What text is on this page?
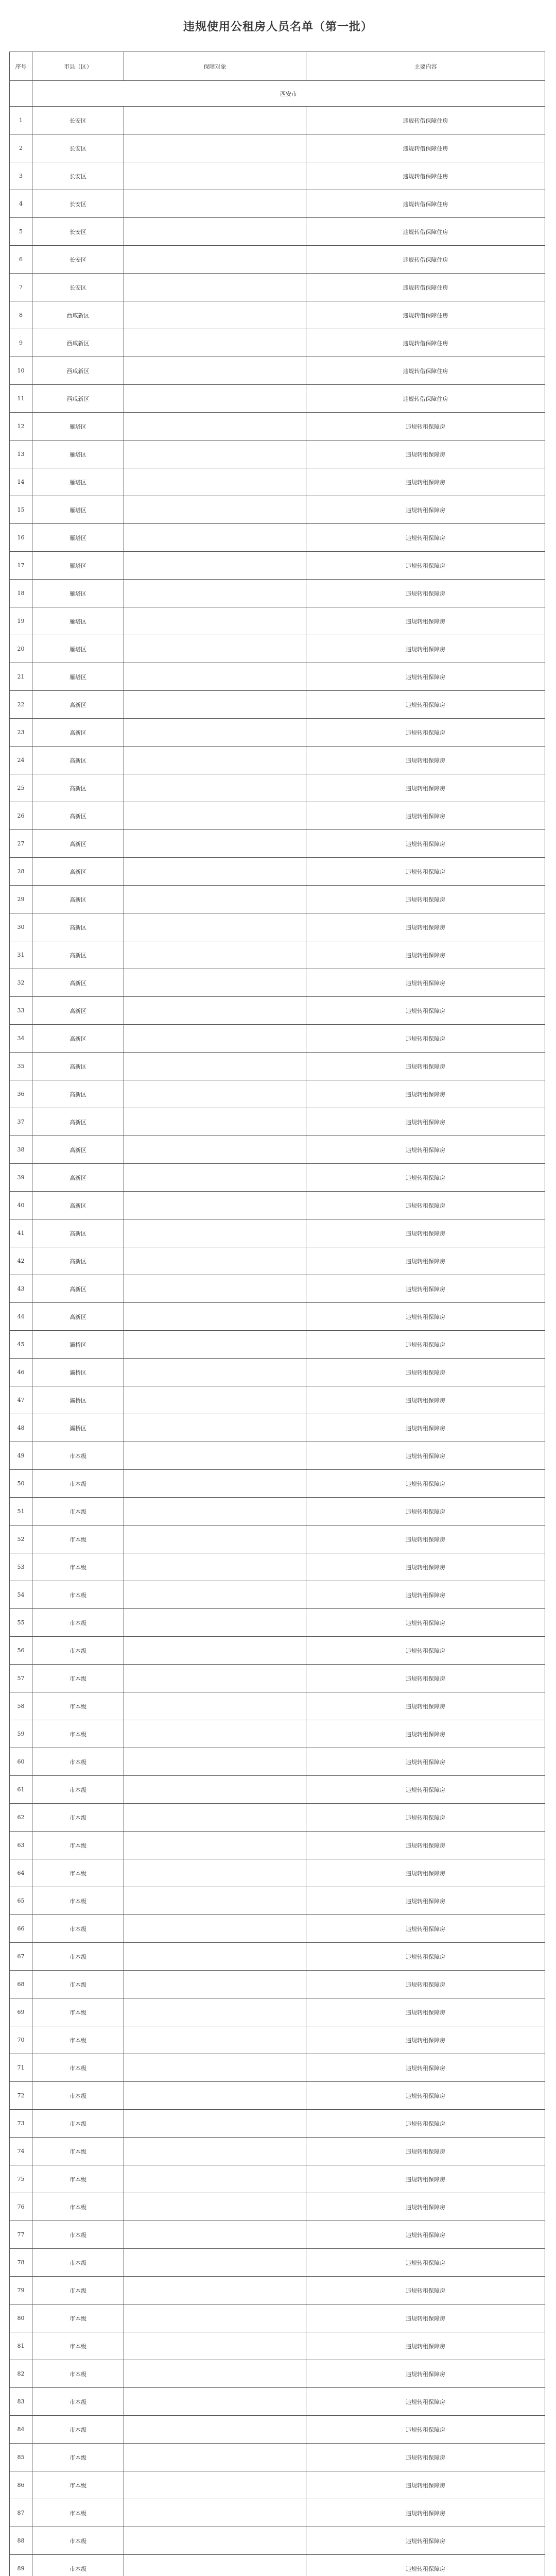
违规使用公租房人员名单（第一批）
序号	市县（区）	保障对象	主要内容
	西安市		
1	长安区		违规转借保障住房
2	长安区		违规转借保障住房
3	长安区		违规转借保障住房
4	长安区		违规转借保障住房
5	长安区		违规转借保障住房
6	长安区		违规转借保障住房
7	长安区		违规转借保障住房
8	西咸新区		违规转借保障住房
9	西咸新区		违规转借保障住房
10	西咸新区		违规转借保障住房
11	西咸新区		违规转借保障住房
12	雁塔区		违规转租保障房
13	雁塔区		违规转租保障房
14	雁塔区		违规转租保障房
15	雁塔区		违规转租保障房
16	雁塔区		违规转租保障房
17	雁塔区		违规转租保障房
18	雁塔区		违规转租保障房
19	雁塔区		违规转租保障房
20	雁塔区		违规转租保障房
21	雁塔区		违规转租保障房
22	高新区		违规转租保障房
23	高新区		违规转租保障房
24	高新区		违规转租保障房
25	高新区		违规转租保障房
26	高新区		违规转租保障房
27	高新区		违规转租保障房
28	高新区		违规转租保障房
29	高新区		违规转租保障房
30	高新区		违规转租保障房
31	高新区		违规转租保障房
32	高新区		违规转租保障房
33	高新区		违规转租保障房
34	高新区		违规转租保障房
35	高新区		违规转租保障房
36	高新区		违规转租保障房
37	高新区		违规转租保障房
38	高新区		违规转租保障房
39	高新区		违规转租保障房
40	高新区		违规转租保障房
41	高新区		违规转租保障房
42	高新区		违规转租保障房
43	高新区		违规转租保障房
44	高新区		违规转租保障房
45	灞桥区		违规转租保障房
46	灞桥区		违规转租保障房
47	灞桥区		违规转租保障房
48	灞桥区		违规转租保障房
49	市本级		违规转租保障房
50	市本级		违规转租保障房
51	市本级		违规转租保障房
52	市本级		违规转租保障房
53	市本级		违规转租保障房
54	市本级		违规转租保障房
55	市本级		违规转租保障房
56	市本级		违规转租保障房
57	市本级		违规转租保障房
58	市本级		违规转租保障房
59	市本级		违规转租保障房
60	市本级		违规转租保障房
61	市本级		违规转租保障房
62	市本级		违规转租保障房
63	市本级		违规转租保障房
64	市本级		违规转租保障房
65	市本级		违规转租保障房
66	市本级		违规转租保障房
67	市本级		违规转租保障房
68	市本级		违规转租保障房
69	市本级		违规转租保障房
70	市本级		违规转租保障房
71	市本级		违规转租保障房
72	市本级		违规转租保障房
73	市本级		违规转租保障房
74	市本级		违规转租保障房
75	市本级		违规转租保障房
76	市本级		违规转租保障房
77	市本级		违规转租保障房
78	市本级		违规转租保障房
79	市本级		违规转租保障房
80	市本级		违规转租保障房
81	市本级		违规转租保障房
82	市本级		违规转租保障房
83	市本级		违规转租保障房
84	市本级		违规转租保障房
85	市本级		违规转租保障房
86	市本级		违规转租保障房
87	市本级		违规转租保障房
88	市本级		违规转租保障房
89	市本级		违规转租保障房
